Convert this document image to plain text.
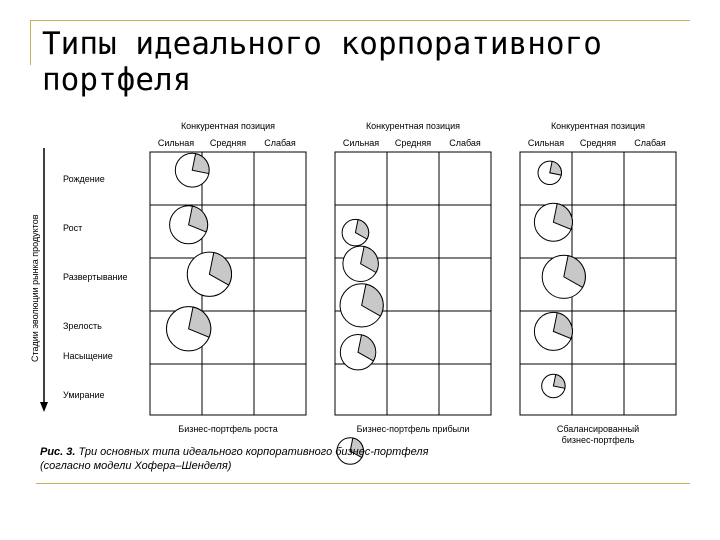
Типы идеального корпоративного портфеля
Стадии эволюции рынка продуктов
Рождение
Рост
Развертывание
Зрелость
Насыщение
Умирание
Конкурентная позиция
Сильная Средняя Слабая
Бизнес-портфель роста
Конкурентная позиция
Сильная Средняя Слабая
Бизнес-портфель прибыли
Конкурентная позиция
Сильная Средняя Слабая
Сбалансированный
бизнес-портфель
Рис. 3. Три основных типа идеального корпоративного бизнес-портфеля
(согласно модели Хофера–Шенделя)
